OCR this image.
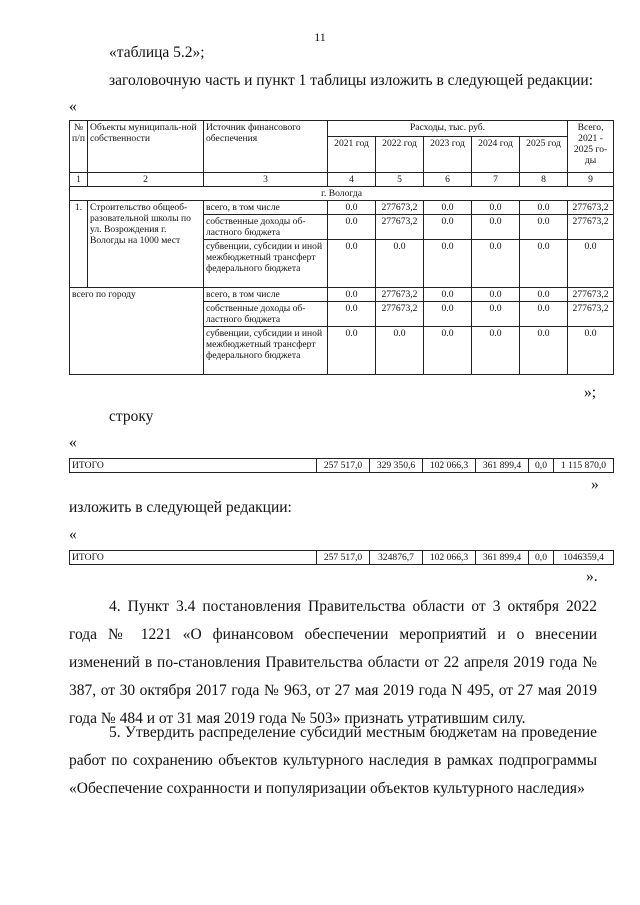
11
«таблица 5.2»;
заголовочную часть и пункт 1 таблицы изложить в следующей редакции:
«
№ п/п	Объекты муниципаль-ной собственности	Источник финансового обеспечения	Расходы, тыс. руб.					Всего, 2021 - 2025 го-ды
			2021 год	2022 год	2023 год	2024 год	2025 год	
1	2	3	4	5	6	7	8	9
г. Вологда								
1.	Строительство общеоб-разовательной школы по ул. Возрождения г. Вологды на 1000 мест	всего, в том числе	0.0	277673,2	0.0	0.0	0.0	277673,2
		собственные доходы об-ластного бюджета	0.0	277673,2	0.0	0.0	0.0	277673,2
		субвенции, субсидии и иной межбюджетный трансферт федерального бюджета	0.0	0.0	0.0	0.0	0.0	0.0
всего по городу		всего, в том числе	0.0	277673,2	0.0	0.0	0.0	277673,2
		собственные доходы об-ластного бюджета	0.0	277673,2	0.0	0.0	0.0	277673,2
		субвенции, субсидии и иной межбюджетный трансферт федерального бюджета	0.0	0.0	0.0	0.0	0.0	0.0
»;
строку
«
ИТОГО	257 517,0	329 350,6	102 066,3	361 899,4	0,0	1 115 870,0
»
изложить в следующей редакции:
«
ИТОГО	257 517,0	324876,7	102 066,3	361 899,4	0,0	1046359,4
».
4. Пункт 3.4 постановления Правительства области от 3 октября 2022 года № 1221 «О финансовом обеспечении мероприятий и о внесении изменений в по-становления Правительства области от 22 апреля 2019 года № 387, от 30 октября 2017 года № 963, от 27 мая 2019 года N 495, от 27 мая 2019 года № 484 и от 31 мая 2019 года № 503» признать утратившим силу.
5. Утвердить распределение субсидий местным бюджетам на проведение работ по сохранению объектов культурного наследия в рамках подпрограммы «Обеспечение сохранности и популяризации объектов культурного наследия»
